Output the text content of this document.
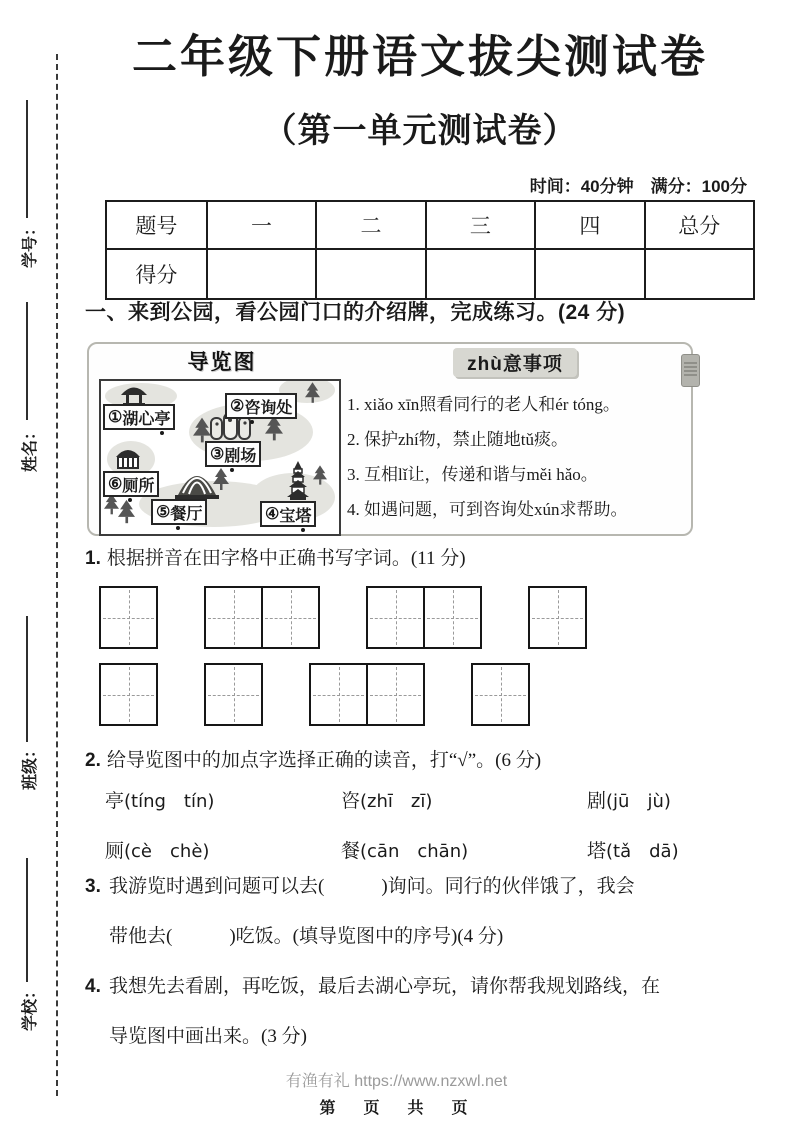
学号：
姓名：
班级：
学校：
二年级下册语文拔尖测试卷
（第一单元测试卷）
时间：40分钟　满分：100分
题号	一	二	三	四	总分
得分					
一、来到公园，看公园门口的介绍牌，完成练习。(24 分)
导览图
① 湖心 亭
② 咨 询处
③ 剧 场
④ 宝 塔
⑤ 餐 厅
⑥ 厕 所
zhù意事项
1. xiǎo xīn照看同行的老人和ér tóng。
2. 保护zhí物，禁止随地tǔ痰。
3. 互相lǐ让，传递和谐与měi hǎo。
4. 如遇问题，可到咨询处xún求帮助。
1. 根据拼音在田字格中正确书写字词。(11 分)
2. 给导览图中的加点字选择正确的读音，打“√”。(6 分)
亭(tíng　tín)	咨(zhī　zī)	剧(jū　jù)
厕(cè　chè)	餐(cān　chān)	塔(tǎ　dā)
3. 我游览时遇到问题可以去(　　　)询问。同行的伙伴饿了，我会
带他去(　　　)吃饭。(填导览图中的序号)(4 分)
4. 我想先去看剧，再吃饭，最后去湖心亭玩，请你帮我规划路线，在
导览图中画出来。(3 分)
有渔有礼 https://www.nzxwl.net
第　页　共　页
